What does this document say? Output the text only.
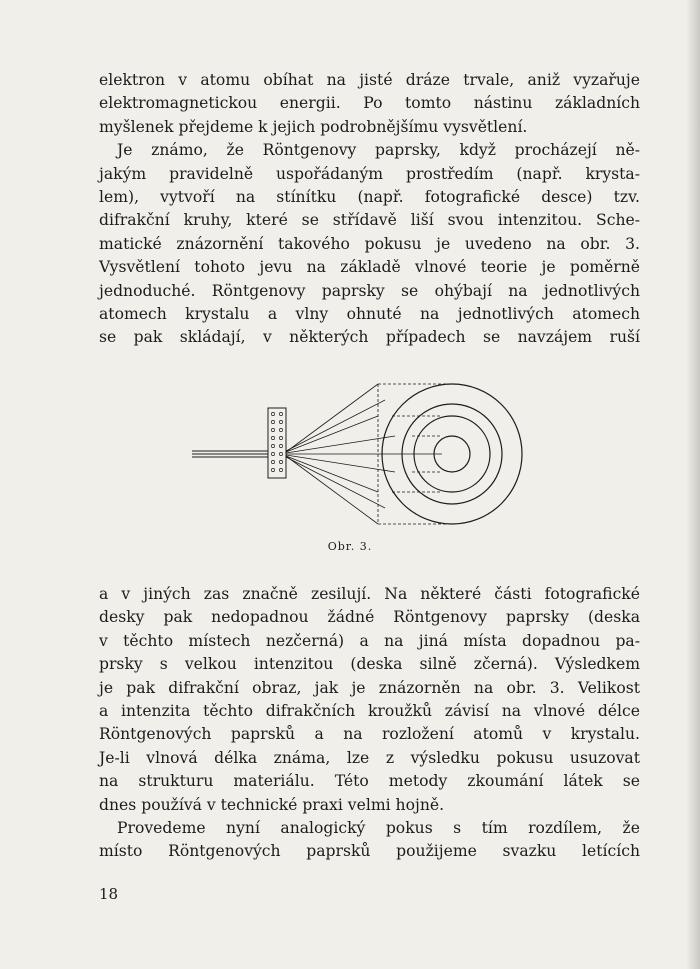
elektron v atomu obíhat na jisté dráze trvale, aniž vyzařuje
elektromagnetickou energii. Po tomto nástinu základních
myšlenek přejdeme k jejich podrobnějšímu vysvětlení.
Je známo, že Röntgenovy paprsky, když procházejí ně-
jakým pravidelně uspořádaným prostředím (např. krysta-
lem), vytvoří na stínítku (např. fotografické desce) tzv.
difrakční kruhy, které se střídavě liší svou intenzitou. Sche-
matické znázornění takového pokusu je uvedeno na obr. 3.
Vysvětlení tohoto jevu na základě vlnové teorie je poměrně
jednoduché. Röntgenovy paprsky se ohýbají na jednotlivých
atomech krystalu a vlny ohnuté na jednotlivých atomech
se pak skládají, v některých případech se navzájem ruší
Obr. 3.
a v jiných zas značně zesilují. Na některé části fotografické
desky pak nedopadnou žádné Röntgenovy paprsky (deska
v těchto místech nezčerná) a na jiná místa dopadnou pa-
prsky s velkou intenzitou (deska silně zčerná). Výsledkem
je pak difrakční obraz, jak je znázorněn na obr. 3. Velikost
a intenzita těchto difrakčních kroužků závisí na vlnové délce
Röntgenových paprsků a na rozložení atomů v krystalu.
Je-li vlnová délka známa, lze z výsledku pokusu usuzovat
na strukturu materiálu. Této metody zkoumání látek se
dnes používá v technické praxi velmi hojně.
Provedeme nyní analogický pokus s tím rozdílem, že
místo Röntgenových paprsků použijeme svazku letících
18
